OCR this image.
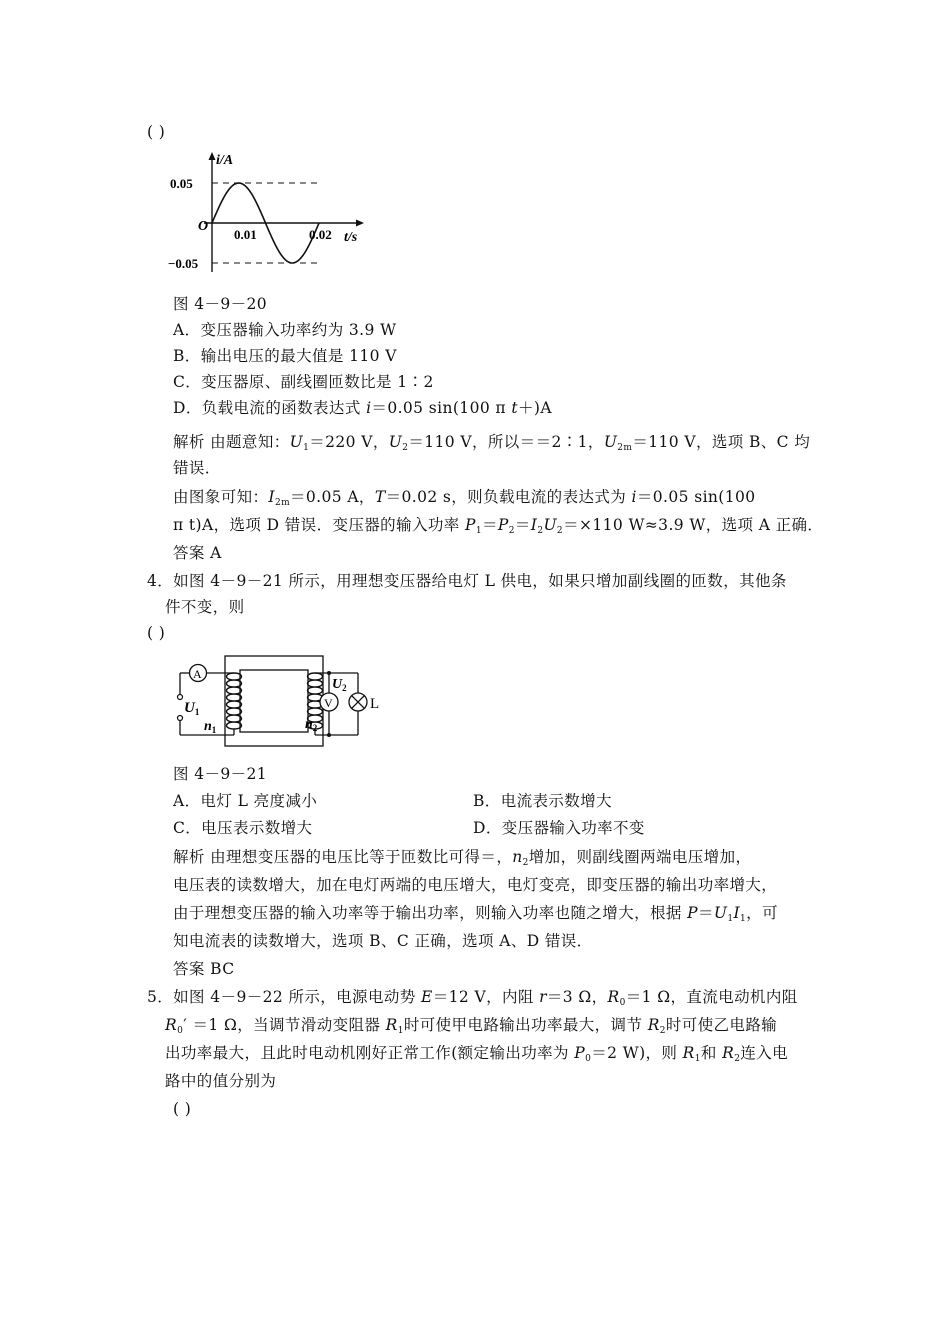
( )
i/A
t/s
O
0.05
−0.05
0.01	0.02
图 4－9－20
A．变压器输入功率约为 3.9 W
B．输出电压的最大值是 110 V
C．变压器原、副线圈匝数比是 1∶2
D．负载电流的函数表达式 i＝0.05 sin(100 π t＋)A
解析 由题意知：$U_1=220$ V，$U_2=110$ V，所以＝＝2∶1，$U_{2m}=110$ V，选项 B、C 均
错误．
由图象可知：$I_{2m}=0.05$ A，T＝0.02 s，则负载电流的表达式为 i＝0.05 sin(100
π t)A，选项 D 错误．变压器的输入功率 $P_1=P_2=I_2U_2=\times 110$ W≈3.9 W，选项 A 正确．
答案 A
4．如图 4－9－21 所示，用理想变压器给电灯 L 供电，如果只增加副线圈的匝数，其他条
件不变，则
( )
A
V
$U_1$
$n_1$
$U_2$
$n_2$
L
图 4－9－21
A．电灯 L 亮度减小	B．电流表示数增大
C．电压表示数增大	D．变压器输入功率不变
解析 由理想变压器的电压比等于匝数比可得＝，$n_2$增加，则副线圈两端电压增加，
电压表的读数增大，加在电灯两端的电压增大，电灯变亮，即变压器的输出功率增大，
由于理想变压器的输入功率等于输出功率，则输入功率也随之增大，根据 $P=U_1I_1$，可
知电流表的读数增大，选项 B、C 正确，选项 A、D 错误．
答案 BC
5．如图 4－9－22 所示，电源电动势 E＝12 V，内阻 r＝3 Ω，$R_0=1$ Ω，直流电动机内阻
$R_0' =1$ Ω，当调节滑动变阻器 $R_1$时可使甲电路输出功率最大，调节 $R_2$时可使乙电路输
出功率最大，且此时电动机刚好正常工作(额定输出功率为 $P_0=2$ W)，则 $R_1$和 $R_2$连入电
路中的值分别为
( )
